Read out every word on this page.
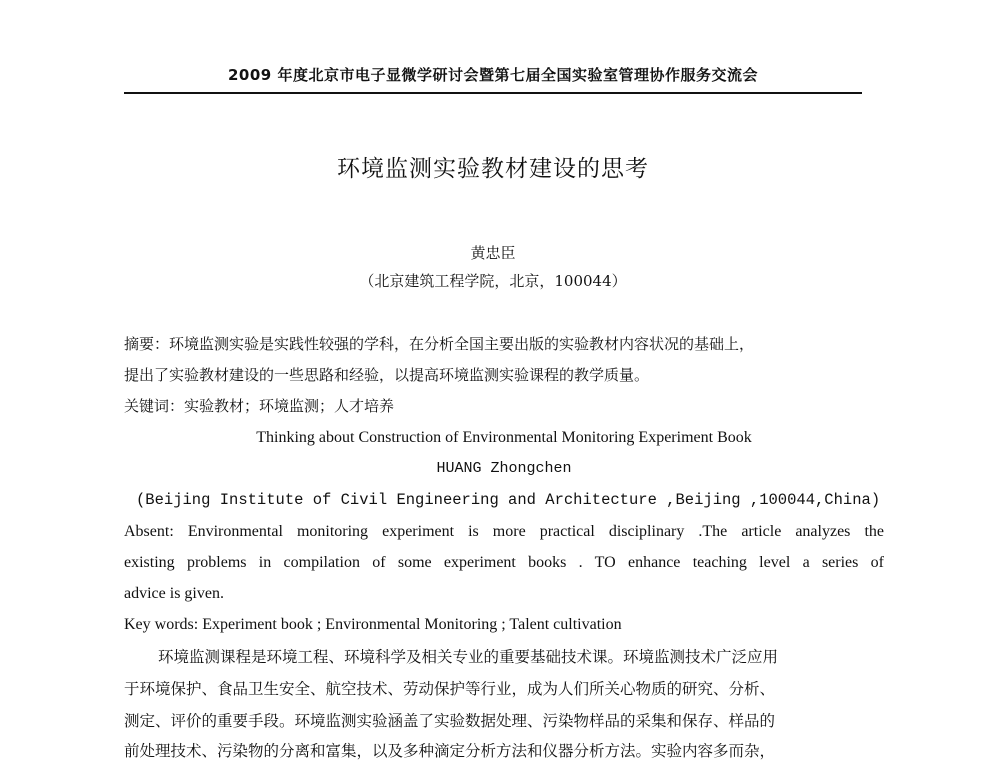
2009 年度北京市电子显微学研讨会暨第七届全国实验室管理协作服务交流会
环境监测实验教材建设的思考
黄忠臣
（北京建筑工程学院，北京，100044）
摘要：环境监测实验是实践性较强的学科，在分析全国主要出版的实验教材内容状况的基础上，
提出了实验教材建设的一些思路和经验，以提高环境监测实验课程的教学质量。
关键词：实验教材；环境监测；人才培养
Thinking about Construction of Environmental Monitoring Experiment Book
HUANG Zhongchen
(Beijing Institute of Civil Engineering and Architecture ,Beijing ,100044,China)
Absent: Environmental monitoring experiment is more practical disciplinary .The article analyzes the
existing problems in compilation of some experiment books . TO enhance teaching level a series of
advice is given.
Key words: Experiment book ; Environmental Monitoring ; Talent cultivation
环境监测课程是环境工程、环境科学及相关专业的重要基础技术课。环境监测技术广泛应用
于环境保护、食品卫生安全、航空技术、劳动保护等行业，成为人们所关心物质的研究、分析、
测定、评价的重要手段。环境监测实验涵盖了实验数据处理、污染物样品的采集和保存、样品的
前处理技术、污染物的分离和富集，以及多种滴定分析方法和仪器分析方法。实验内容多而杂，
